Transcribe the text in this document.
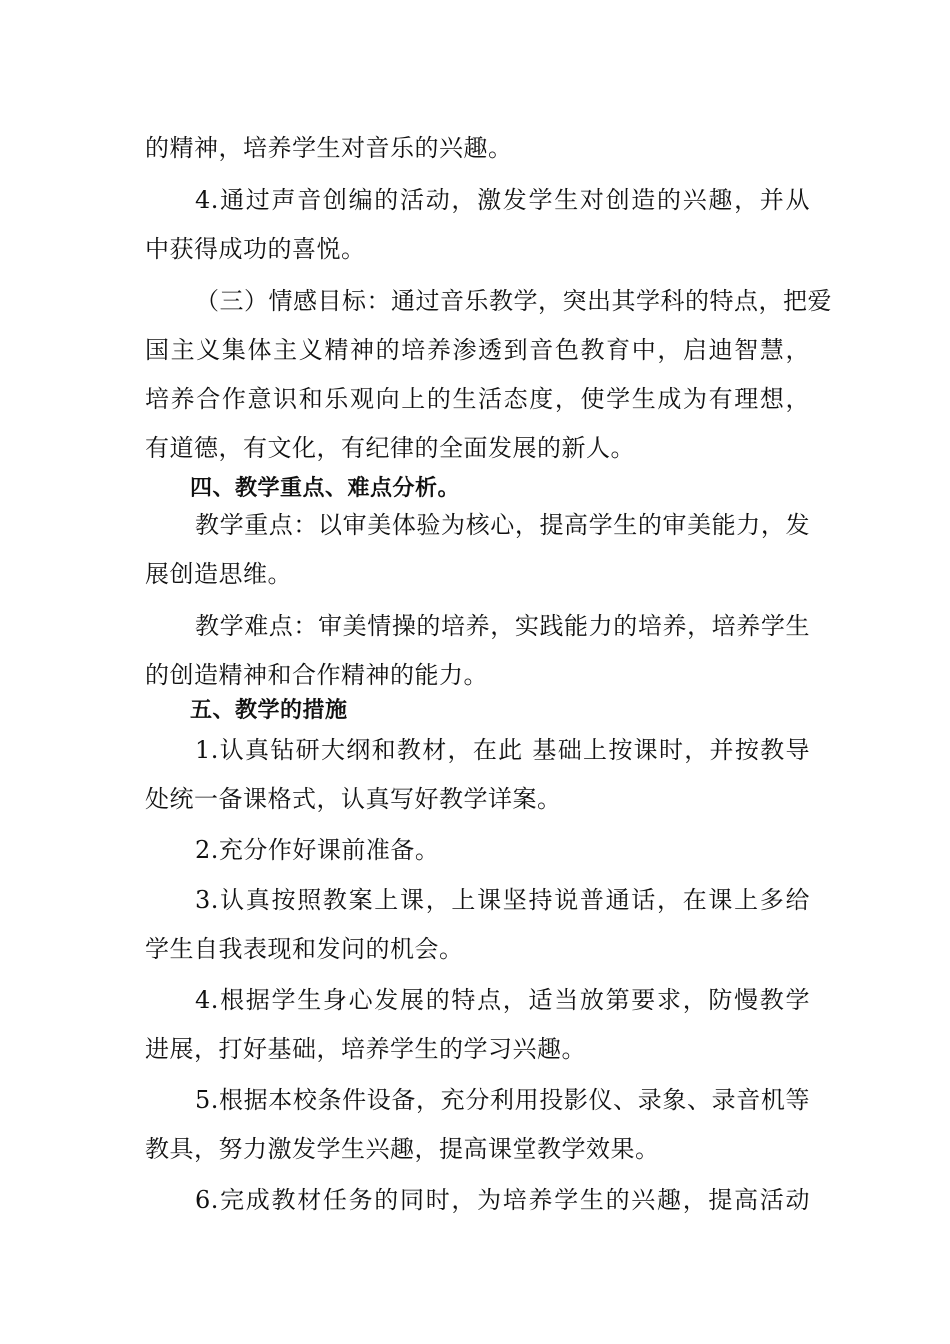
的精神，培养学生对音乐的兴趣。
4.通过声音创编的活动，激发学生对创造的兴趣，并从
中获得成功的喜悦。
（三）情感目标：通过音乐教学，突出其学科的特点，把爱
国主义集体主义精神的培养渗透到音色教育中，启迪智慧，
培养合作意识和乐观向上的生活态度，使学生成为有理想，
有道德，有文化，有纪律的全面发展的新人。
四、教学重点、难点分析。
教学重点：以审美体验为核心，提高学生的审美能力，发
展创造思维。
教学难点：审美情操的培养，实践能力的培养，培养学生
的创造精神和合作精神的能力。
五、教学的措施
1.认真钻研大纲和教材，在此 基础上按课时，并按教导
处统一备课格式，认真写好教学详案。
2.充分作好课前准备。
3.认真按照教案上课，上课坚持说普通话，在课上多给
学生自我表现和发问的机会。
4.根据学生身心发展的特点，适当放第要求，防慢教学
进展，打好基础，培养学生的学习兴趣。
5.根据本校条件设备，充分利用投影仪、录象、录音机等
教具，努力激发学生兴趣，提高课堂教学效果。
6.完成教材任务的同时，为培养学生的兴趣，提高活动
